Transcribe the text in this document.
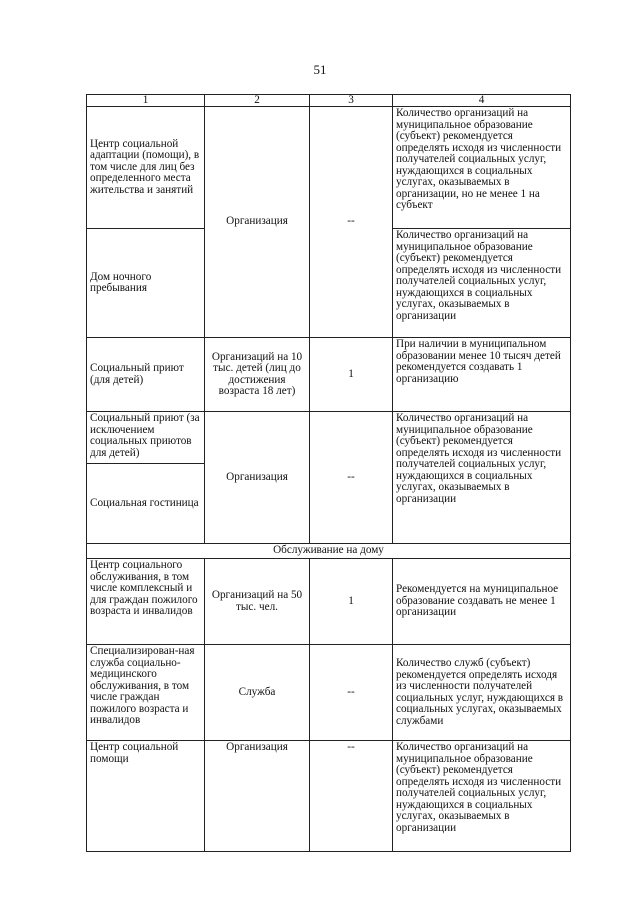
51
1	2	3	4
Центр социальной адаптации (помощи), в том числе для лиц без определенного места жительства и занятий	Организация	--	Количество организаций на муниципальное образование (субъект) рекомендуется определять исходя из численности получателей социальных услуг, нуждающихся в социальных услугах, оказываемых в организации, но не менее 1 на субъект
Дом ночного пребывания			Количество организаций на муниципальное образование (субъект) рекомендуется определять исходя из численности получателей социальных услуг, нуждающихся в социальных услугах, оказываемых в организации
Социальный приют (для детей)	Организаций на 10 тыс. детей (лиц до достижения возраста 18 лет)	1	При наличии в муниципальном образовании менее 10 тысяч детей рекомендуется создавать 1 организацию
Социальный приют (за исключением социальных приютов для детей)	Организация	--	Количество организаций на муниципальное образование (субъект) рекомендуется определять исходя из численности получателей социальных услуг, нуждающихся в социальных услугах, оказываемых в организации
Социальная гостиница			
Обслуживание на дому			
Центр социального обслуживания, в том числе комплексный и для граждан пожилого возраста и инвалидов	Организаций на 50 тыс. чел.	1	Рекомендуется на муниципальное образование создавать не менее 1 организации
Специализирован-ная служба социально-медицинского обслуживания, в том числе граждан пожилого возраста и инвалидов	Служба	--	Количество служб (субъект) рекомендуется определять исходя из численности получателей социальных услуг, нуждающихся в социальных услугах, оказываемых службами
Центр социальной помощи	Организация	--	Количество организаций на муниципальное образование (субъект) рекомендуется определять исходя из численности получателей социальных услуг, нуждающихся в социальных услугах, оказываемых в организации
